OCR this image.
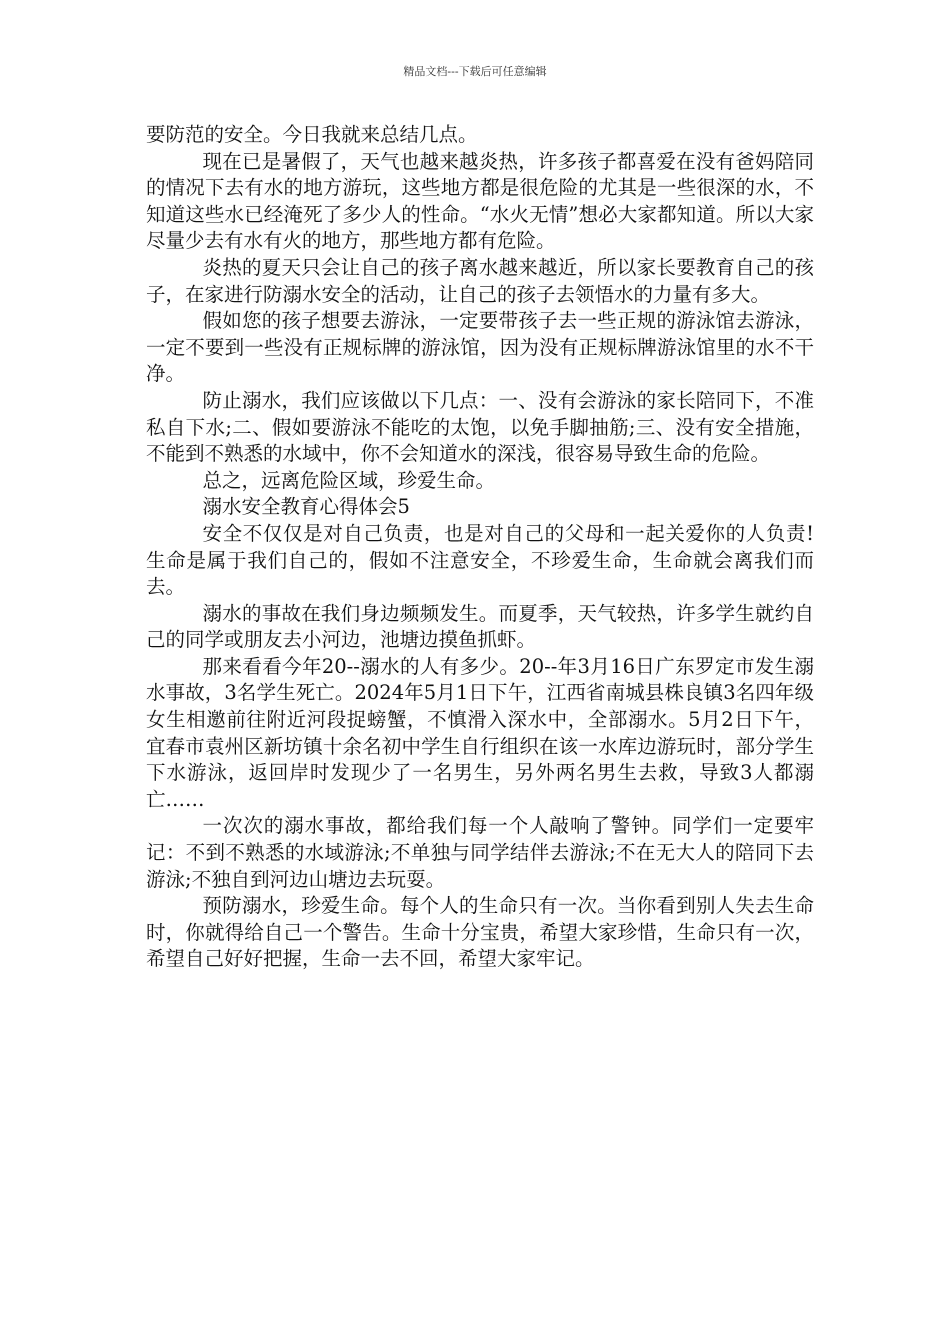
精品文档---下载后可任意编辑

要防范的安全。今日我就来总结几点。

现在已是暑假了，天气也越来越炎热，许多孩子都喜爱在没有爸妈陪同的情况下去有水的地方游玩，这些地方都是很危险的尤其是一些很深的水，不知道这些水已经淹死了多少人的性命。“水火无情”想必大家都知道。所以大家尽量少去有水有火的地方，那些地方都有危险。

炎热的夏天只会让自己的孩子离水越来越近，所以家长要教育自己的孩子，在家进行防溺水安全的活动，让自己的孩子去领悟水的力量有多大。

假如您的孩子想要去游泳，一定要带孩子去一些正规的游泳馆去游泳，一定不要到一些没有正规标牌的游泳馆，因为没有正规标牌游泳馆里的水不干净。

防止溺水，我们应该做以下几点：一、没有会游泳的家长陪同下，不准私自下水;二、假如要游泳不能吃的太饱，以免手脚抽筋;三、没有安全措施，不能到不熟悉的水域中，你不会知道水的深浅，很容易导致生命的危险。

总之，远离危险区域，珍爱生命。

溺水安全教育心得体会5

安全不仅仅是对自己负责，也是对自己的父母和一起关爱你的人负责!生命是属于我们自己的，假如不注意安全，不珍爱生命，生命就会离我们而去。

溺水的事故在我们身边频频发生。而夏季，天气较热，许多学生就约自己的同学或朋友去小河边，池塘边摸鱼抓虾。

那来看看今年20--溺水的人有多少。20--年3月16日广东罗定市发生溺水事故，3名学生死亡。2024年5月1日下午，江西省南城县株良镇3名四年级女生相邀前往附近河段捉螃蟹，不慎滑入深水中，全部溺水。5月2日下午，宜春市袁州区新坊镇十余名初中学生自行组织在该一水库边游玩时，部分学生下水游泳，返回岸时发现少了一名男生，另外两名男生去救，导致3人都溺亡……

一次次的溺水事故，都给我们每一个人敲响了警钟。同学们一定要牢记：不到不熟悉的水域游泳;不单独与同学结伴去游泳;不在无大人的陪同下去游泳;不独自到河边山塘边去玩耍。

预防溺水，珍爱生命。每个人的生命只有一次。当你看到别人失去生命时，你就得给自己一个警告。生命十分宝贵，希望大家珍惜，生命只有一次，希望自己好好把握，生命一去不回，希望大家牢记。
